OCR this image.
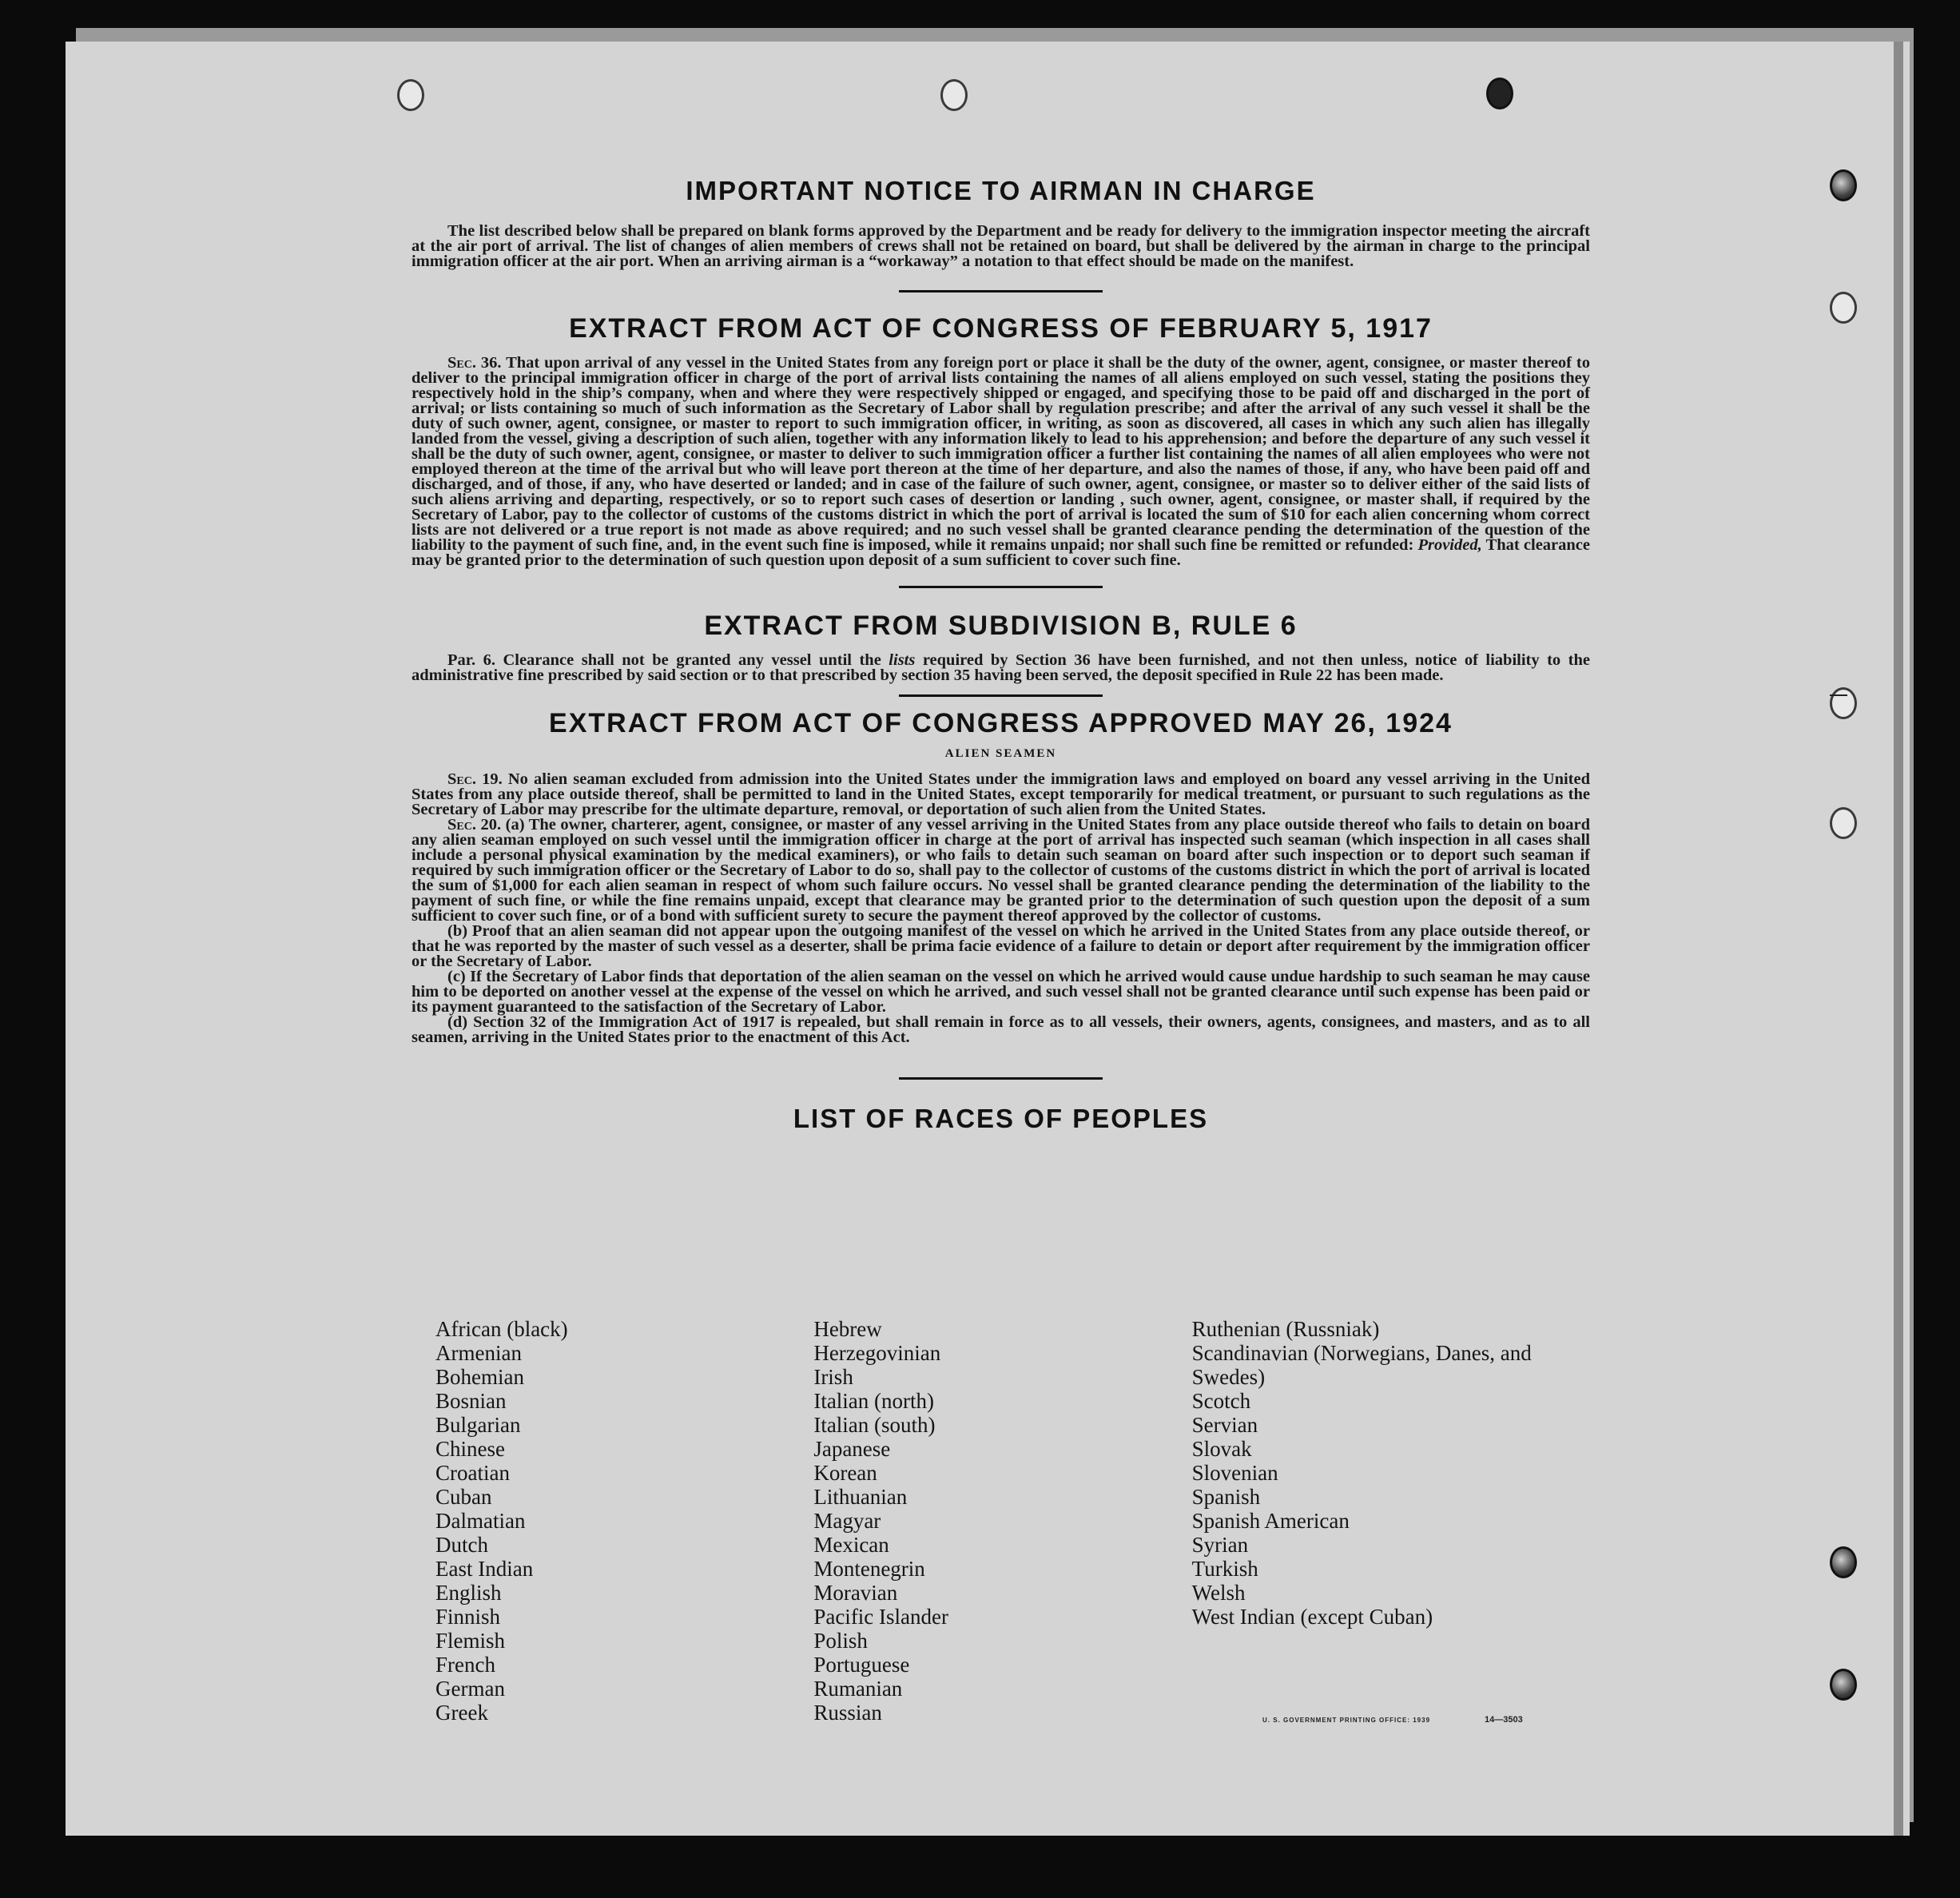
IMPORTANT NOTICE TO AIRMAN IN CHARGE

The list described below shall be prepared on blank forms approved by the Department and be ready for delivery to the immigration inspector meeting the aircraft at the air port of arrival. The list of changes of alien members of crews shall not be retained on board, but shall be delivered by the airman in charge to the principal immigration officer at the air port. When an arriving airman is a “workaway” a notation to that effect should be made on the manifest.

EXTRACT FROM ACT OF CONGRESS OF FEBRUARY 5, 1917

Sec. 36. That upon arrival of any vessel in the United States from any foreign port or place it shall be the duty of the owner, agent, consignee, or master thereof to deliver to the principal immigration officer in charge of the port of arrival lists containing the names of all aliens employed on such vessel, stating the positions they respectively hold in the ship’s company, when and where they were respectively shipped or engaged, and specifying those to be paid off and discharged in the port of arrival; or lists containing so much of such information as the Secretary of Labor shall by regulation prescribe; and after the arrival of any such vessel it shall be the duty of such owner, agent, consignee, or master to report to such immigration officer, in writing, as soon as discovered, all cases in which any such alien has illegally landed from the vessel, giving a description of such alien, together with any information likely to lead to his apprehension; and before the departure of any such vessel it shall be the duty of such owner, agent, consignee, or master to deliver to such immigration officer a further list containing the names of all alien employees who were not employed thereon at the time of the arrival but who will leave port thereon at the time of her departure, and also the names of those, if any, who have been paid off and discharged, and of those, if any, who have deserted or landed; and in case of the failure of such owner, agent, consignee, or master so to deliver either of the said lists of such aliens arriving and departing, respectively, or so to report such cases of desertion or landing , such owner, agent, consignee, or master shall, if required by the Secretary of Labor, pay to the collector of customs of the customs district in which the port of arrival is located the sum of $10 for each alien concerning whom correct lists are not delivered or a true report is not made as above required; and no such vessel shall be granted clearance pending the determination of the question of the liability to the payment of such fine, and, in the event such fine is imposed, while it remains unpaid; nor shall such fine be remitted or refunded: Provided, That clearance may be granted prior to the determination of such question upon deposit of a sum sufficient to cover such fine.

EXTRACT FROM SUBDIVISION B, RULE 6

Par. 6. Clearance shall not be granted any vessel until the lists required by Section 36 have been furnished, and not then unless, notice of liability to the administrative fine prescribed by said section or to that prescribed by section 35 having been served, the deposit specified in Rule 22 has been made.

EXTRACT FROM ACT OF CONGRESS APPROVED MAY 26, 1924

ALIEN SEAMEN

Sec. 19. No alien seaman excluded from admission into the United States under the immigration laws and employed on board any vessel arriving in the United States from any place outside thereof, shall be permitted to land in the United States, except temporarily for medical treatment, or pursuant to such regulations as the Secretary of Labor may prescribe for the ultimate departure, removal, or deportation of such alien from the United States.

Sec. 20. (a) The owner, charterer, agent, consignee, or master of any vessel arriving in the United States from any place outside thereof who fails to detain on board any alien seaman employed on such vessel until the immigration officer in charge at the port of arrival has inspected such seaman (which inspection in all cases shall include a personal physical examination by the medical examiners), or who fails to detain such seaman on board after such inspection or to deport such seaman if required by such immigration officer or the Secretary of Labor to do so, shall pay to the collector of customs of the customs district in which the port of arrival is located the sum of $1,000 for each alien seaman in respect of whom such failure occurs. No vessel shall be granted clearance pending the determination of the liability to the payment of such fine, or while the fine remains unpaid, except that clearance may be granted prior to the determination of such question upon the deposit of a sum sufficient to cover such fine, or of a bond with sufficient surety to secure the payment thereof approved by the collector of customs.

(b) Proof that an alien seaman did not appear upon the outgoing manifest of the vessel on which he arrived in the United States from any place outside thereof, or that he was reported by the master of such vessel as a deserter, shall be prima facie evidence of a failure to detain or deport after requirement by the immigration officer or the Secretary of Labor.

(c) If the Secretary of Labor finds that deportation of the alien seaman on the vessel on which he arrived would cause undue hardship to such seaman he may cause him to be deported on another vessel at the expense of the vessel on which he arrived, and such vessel shall not be granted clearance until such expense has been paid or its payment guaranteed to the satisfaction of the Secretary of Labor.

(d) Section 32 of the Immigration Act of 1917 is repealed, but shall remain in force as to all vessels, their owners, agents, consignees, and masters, and as to all seamen, arriving in the United States prior to the enactment of this Act.

LIST OF RACES OF PEOPLES
African (black)
Armenian
Bohemian
Bosnian
Bulgarian
Chinese
Croatian
Cuban
Dalmatian
Dutch
East Indian
English
Finnish
Flemish
French
German
Greek
Hebrew
Herzegovinian
Irish
Italian (north)
Italian (south)
Japanese
Korean
Lithuanian
Magyar
Mexican
Montenegrin
Moravian
Pacific Islander
Polish
Portuguese
Rumanian
Russian
Ruthenian (Russniak)
Scandinavian (Norwegians, Danes, and Swedes)
Scotch
Servian
Slovak
Slovenian
Spanish
Spanish American
Syrian
Turkish
Welsh
West Indian (except Cuban)
U. S. GOVERNMENT PRINTING OFFICE: 1939	14—3503
